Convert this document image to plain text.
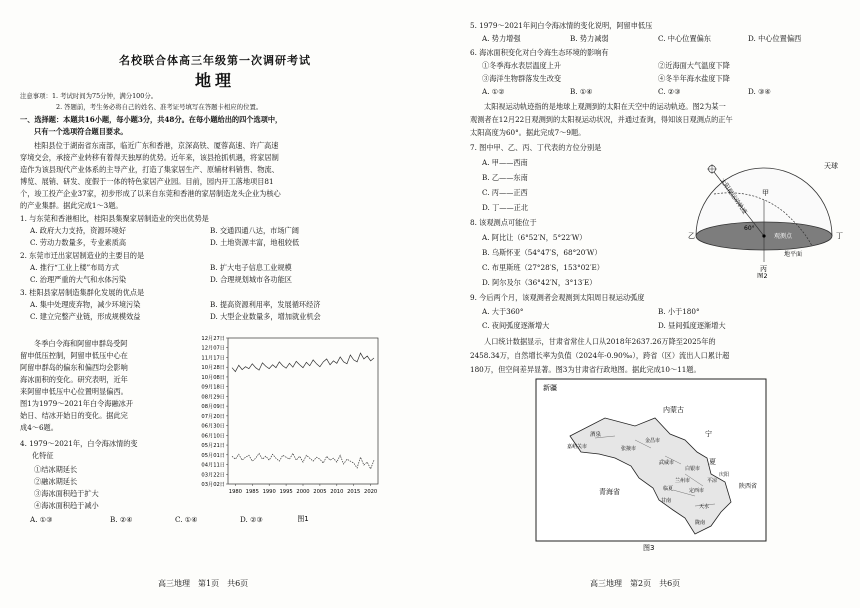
名校联合体高三年级第一次调研考试
地理
注意事项：1. 考试时间为75分钟，满分100分。
2. 答题前，考生务必将自己的姓名、准考证号填写在答题卡相应的位置。
一、选择题：本题共16小题，每小题3分，共48分。在每小题给出的四个选项中，
只有一个选项符合题目要求。
桂阳县位于湖南省东南部，临近广东和香港，京深高铁、厦蓉高速、许广高速
穿境交会，承接产业转移有着得天独厚的优势。近年来，该县抢抓机遇，将家居制
造作为该县现代产业体系的主导产业，打造了集家居生产、原辅材料销售、物流、
博览、展销、研发、度假于一体的特色家居产业园。目前，园内开工落地项目81
个，竣工投产企业37家，初步形成了以来自东莞和香港的家居制造龙头企业为核心
的产业集群。据此完成1～3题。
1. 与东莞和香港相比，桂阳县集聚家居制造业的突出优势是
A. 政府大力支持，资源环境好	B. 交通四通八达，市场广阔
C. 劳动力数量多，专业素质高	D. 土地资源丰富，地租较低
2. 东莞市迁出家居制造业的主要目的是
A. 推行“工业上楼”布局方式	B. 扩大电子信息工业规模
C. 治理严重的大气和水体污染	D. 合理规划城市各功能区
3. 桂阳县家居制造集群化发展的优点是
A. 集中处理废弃物，减少环境污染	B. 提高资源利用率，发展循环经济
C. 建立完整产业链，形成规模效益	D. 大型企业数量多，增加就业机会
冬季白令海和阿留申群岛受阿
留申低压控制，阿留申低压中心在
阿留申群岛的偏东和偏西均会影响
海冰面积的变化。研究表明，近年
来阿留申低压中心位置明显偏西。
图1为1979～2021年白令海融冰开
始日、结冰开始日的变化。据此完
成4～6题。
4. 1979～2021年，白令海冰情的变
化特征
①结冰期延长
②融冰期延长
③海冰面积趋于扩大
④海冰面积趋于减小
A. ①③	B. ②④	C. ①④	D. ②③
12月27日
12月07日
11月17日
10月28日
10月08日
09月18日
08月29日
08月09日
07月20日
06月30日
06月10日
05月21日
05月01日
04月11日
03月22日
03月02日
1980 1985 1990 1995 2000 2005 2010 2015 2020
图1
高三地理　第1页　共6页
5. 1979～2021年间白令海冰情的变化说明，阿留申低压
A. 势力增强	B. 势力减弱	C. 中心位置偏东	D. 中心位置偏西
6. 海冰面积变化对白令海生态环境的影响有
①冬季海水表层温度上升	②近海面大气温度下降
③海洋生物群落发生改变	④冬半年海水盐度下降
A. ①②	B. ①④	C. ②③	D. ③④
太阳视运动轨迹指的是地球上观测到的太阳在天空中的运动轨迹。图2为某一
观测者在12月22日观测到的太阳视运动状况，并通过查询，得知该日观测点的正午
太阳高度为60°。据此完成7～9题。
7. 图中甲、乙、丙、丁代表的方位分别是
A. 甲——西南
B. 乙——东南
C. 丙——正西
D. 丁——正北
8. 该观测点可能位于
A. 阿比让（6°52′N，5°22′W）
B. 乌斯怀亚（54°47′S，68°20′W）
C. 布里斯班（27°28′S，153°02′E）
D. 阿尔及尔（36°42′N，3°13′E）
9. 今后两个月，该观测者会观测到太阳周日视运动弧度
A. 大于360°	B. 小于180°
C. 夜间弧度逐渐增大	D. 昼间弧度逐渐增大
人口统计数据显示，甘肃省常住人口从2018年2637.26万降至2025年的
2458.34万，自然增长率为负值（2024年-0.90‰），跨省（区）流出人口累计超
180万，但空间差异显著。图3为甘肃省行政地图。据此完成10～11题。
天球
甲
乙
丙
丁
太阳视运动轨迹
60°
观测点
地平面
图2
新疆
内蒙古
宁
夏
青海省
陕西省
酒泉
嘉峪关市	张掖市
金昌市
武威市
白银市
兰州市
定西市
临夏
甘南
平凉
庆阳
天水
陇南
图3
高三地理　第2页　共6页
